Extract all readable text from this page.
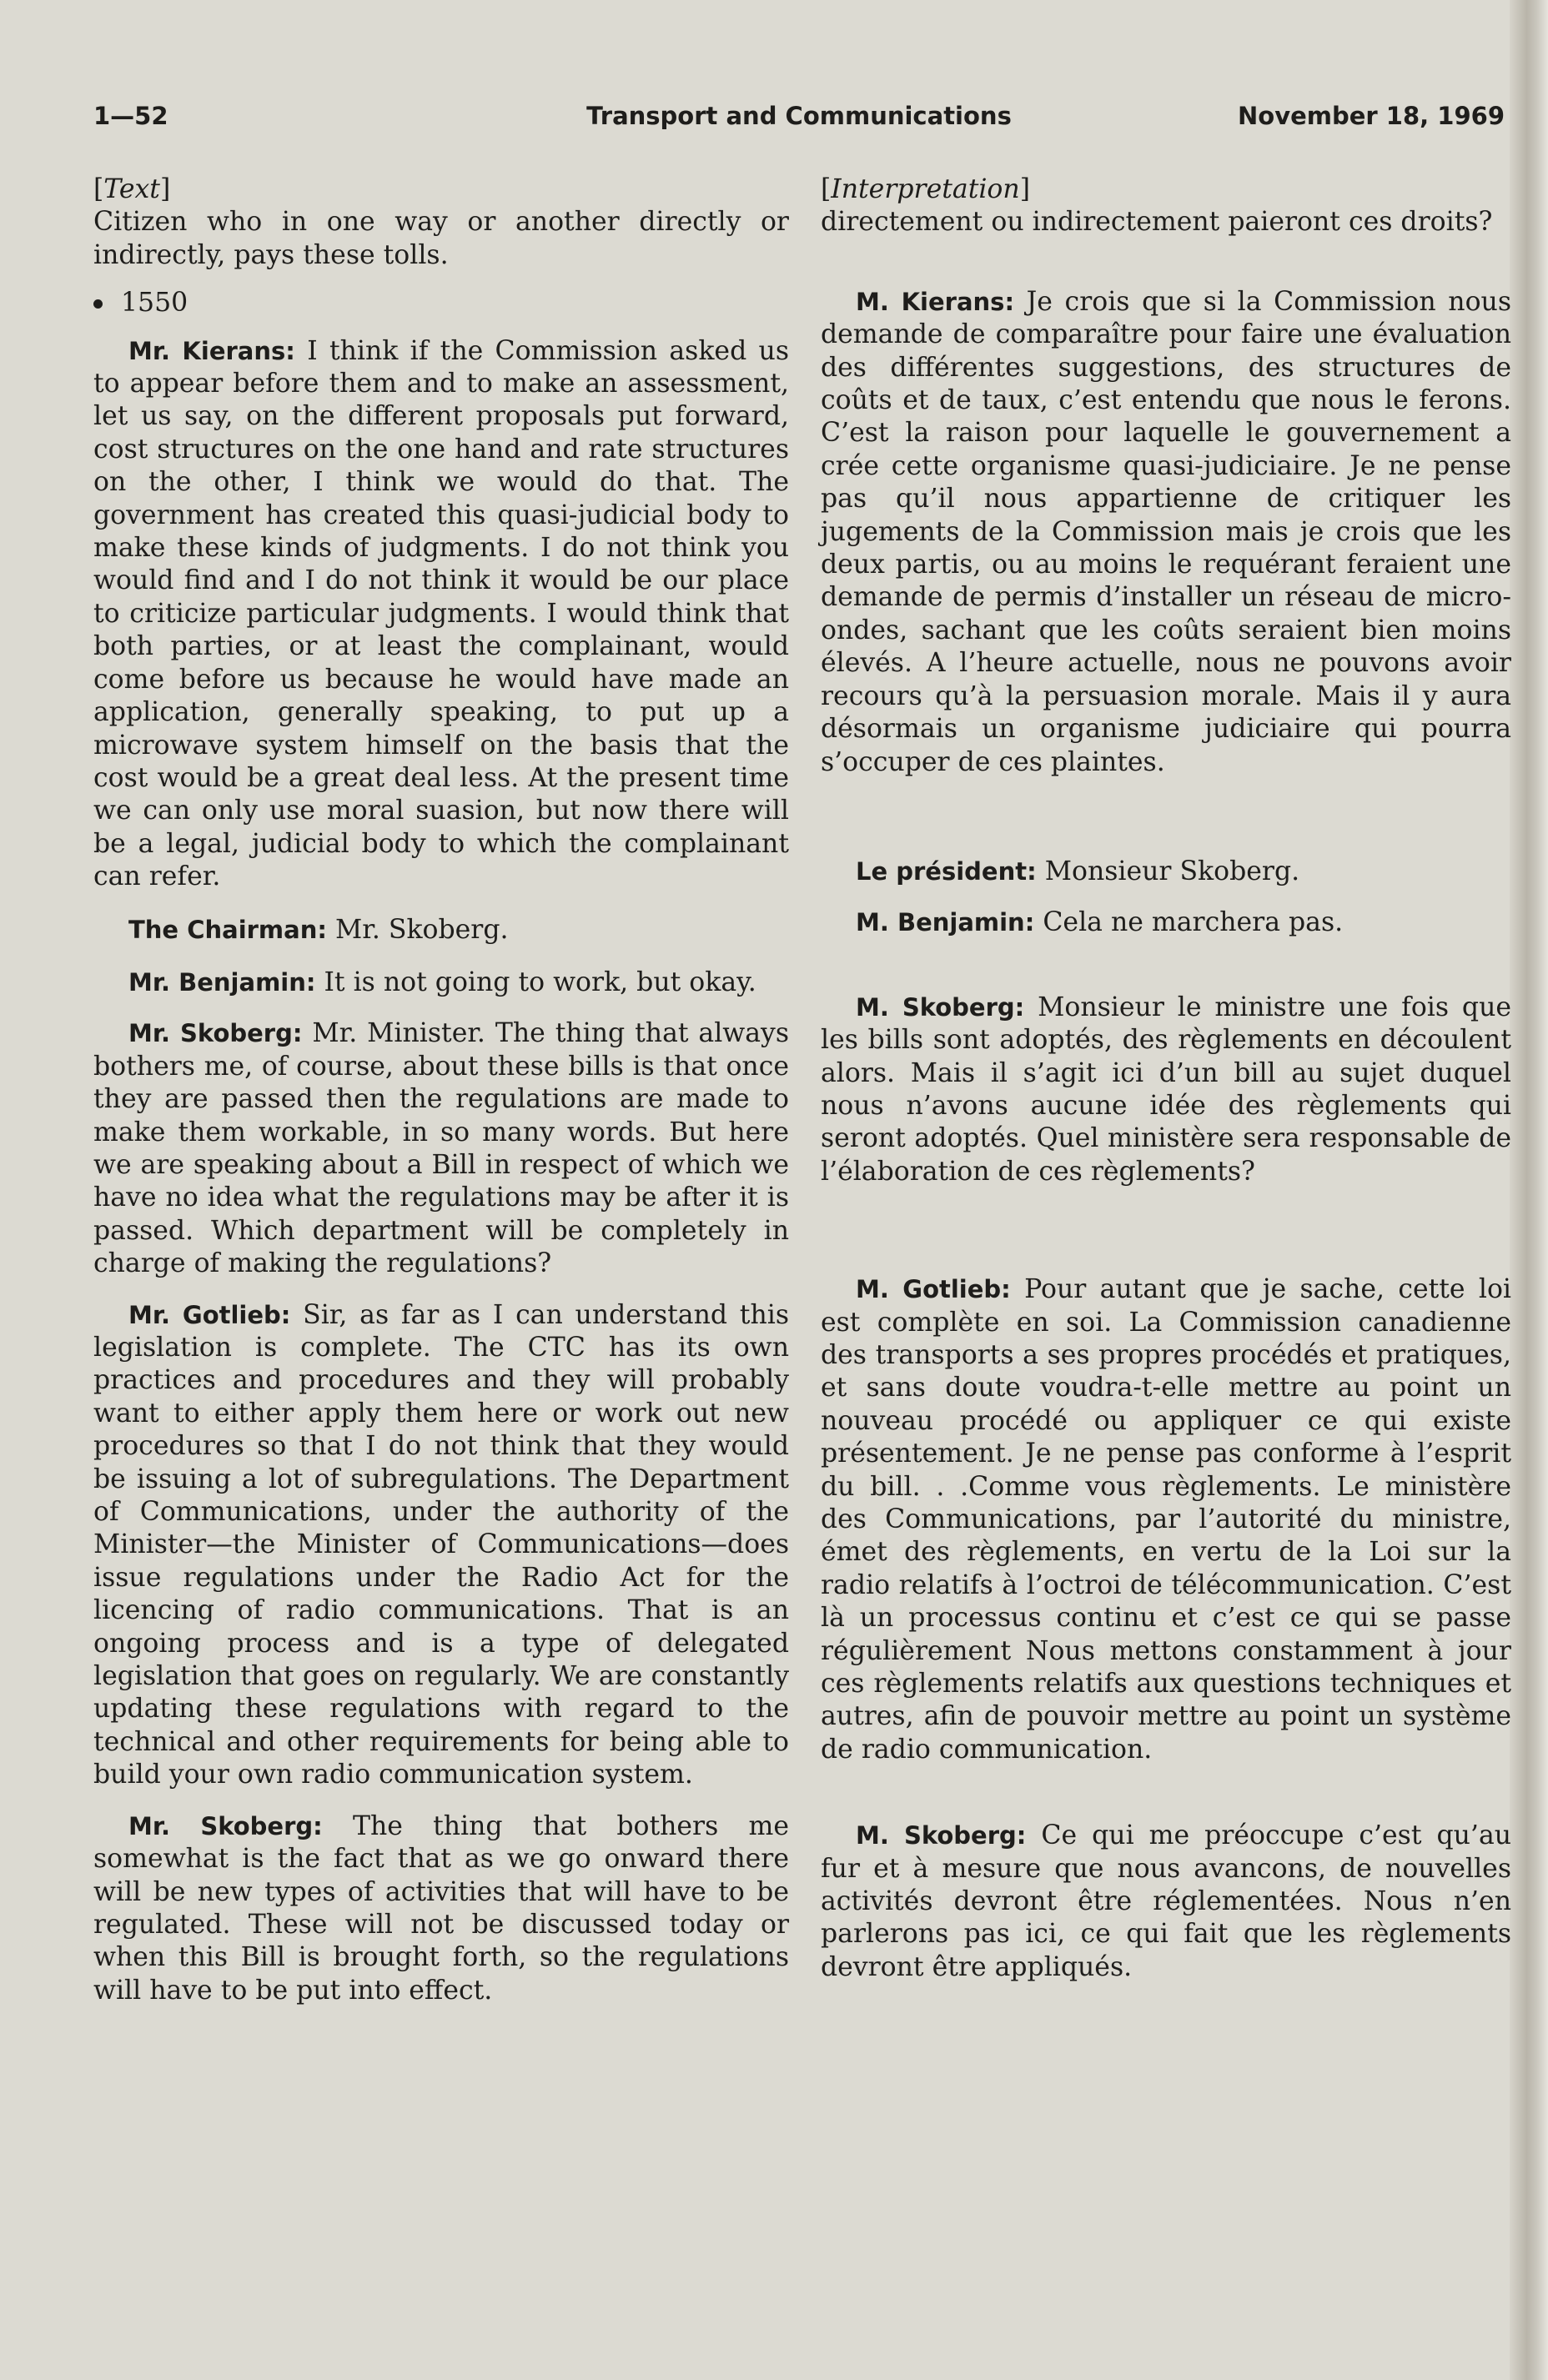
1—52	Transport and Communications	November 18, 1969

[Text]

Citizen who in one way or another directly or indirectly, pays these tolls.

1550

Mr. Kierans: I think if the Commission asked us to appear before them and to make an assessment, let us say, on the different proposals put forward, cost structures on the one hand and rate structures on the other, I think we would do that. The government has created this quasi-judicial body to make these kinds of judgments. I do not think you would find and I do not think it would be our place to criticize particular judgments. I would think that both parties, or at least the complainant, would come before us because he would have made an application, generally speaking, to put up a microwave system himself on the basis that the cost would be a great deal less. At the present time we can only use moral suasion, but now there will be a legal, judicial body to which the complainant can refer.

The Chairman: Mr. Skoberg.

Mr. Benjamin: It is not going to work, but okay.

Mr. Skoberg: Mr. Minister. The thing that always bothers me, of course, about these bills is that once they are passed then the regulations are made to make them workable, in so many words. But here we are speaking about a Bill in respect of which we have no idea what the regulations may be after it is passed. Which department will be completely in charge of making the regulations?

Mr. Gotlieb: Sir, as far as I can understand this legislation is complete. The CTC has its own practices and procedures and they will probably want to either apply them here or work out new procedures so that I do not think that they would be issuing a lot of subregulations. The Department of Communications, under the authority of the Minister—the Minister of Communications—does issue regulations under the Radio Act for the licencing of radio communications. That is an ongoing process and is a type of delegated legislation that goes on regularly. We are constantly updating these regulations with regard to the technical and other requirements for being able to build your own radio communication system.

Mr. Skoberg: The thing that bothers me somewhat is the fact that as we go onward there will be new types of activities that will have to be regulated. These will not be discussed today or when this Bill is brought forth, so the regulations will have to be put into effect.

[Interpretation]

directement ou indirectement paieront ces droits?

M. Kierans: Je crois que si la Commission nous demande de comparaître pour faire une évaluation des différentes suggestions, des structures de coûts et de taux, c’est entendu que nous le ferons. C’est la raison pour laquelle le gouvernement a crée cette organisme quasi-judiciaire. Je ne pense pas qu’il nous appartienne de critiquer les jugements de la Commission mais je crois que les deux partis, ou au moins le requérant feraient une demande de permis d’installer un réseau de micro-ondes, sachant que les coûts seraient bien moins élevés. A l’heure actuelle, nous ne pouvons avoir recours qu’à la persuasion morale. Mais il y aura désormais un organisme judiciaire qui pourra s’occuper de ces plaintes.

Le président: Monsieur Skoberg.

M. Benjamin: Cela ne marchera pas.

M. Skoberg: Monsieur le ministre une fois que les bills sont adoptés, des règlements en découlent alors. Mais il s’agit ici d’un bill au sujet duquel nous n’avons aucune idée des règlements qui seront adoptés. Quel ministère sera responsable de l’élaboration de ces règlements?

M. Gotlieb: Pour autant que je sache, cette loi est complète en soi. La Commission canadienne des transports a ses propres procédés et pratiques, et sans doute voudra-t-elle mettre au point un nouveau procédé ou appliquer ce qui existe présentement. Je ne pense pas conforme à l’esprit du bill. . .Comme vous règlements. Le ministère des Communications, par l’autorité du ministre, émet des règlements, en vertu de la Loi sur la radio relatifs à l’octroi de télécommunication. C’est là un processus continu et c’est ce qui se passe régulièrement Nous mettons constamment à jour ces règlements relatifs aux questions techniques et autres, afin de pouvoir mettre au point un système de radio communication.

M. Skoberg: Ce qui me préoccupe c’est qu’au fur et à mesure que nous avancons, de nouvelles activités devront être réglementées. Nous n’en parlerons pas ici, ce qui fait que les règlements devront être appliqués.
